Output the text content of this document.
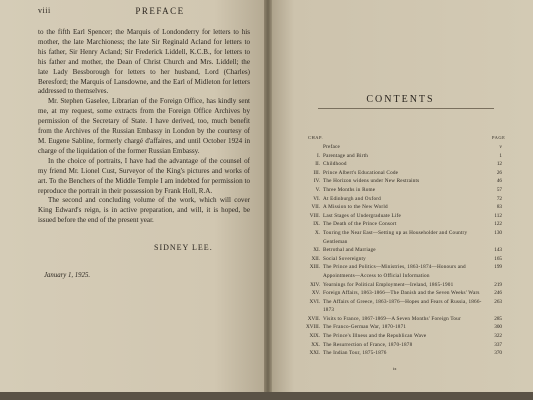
viii	PREFACE

to the fifth Earl Spencer; the Marquis of Londonderry for letters to his mother, the late Marchioness; the late Sir Reginald Acland for letters to his father, Sir Henry Acland; Sir Frederick Liddell, K.C.B., for letters to his father and mother, the Dean of Christ Church and Mrs. Liddell; the late Lady Bessborough for letters to her husband, Lord (Charles) Beresford; the Marquis of Lansdowne, and the Earl of Midleton for letters addressed to themselves.

Mr. Stephen Gaselee, Librarian of the Foreign Office, has kindly sent me, at my request, some extracts from the Foreign Office Archives by permission of the Secretary of State. I have derived, too, much benefit from the Archives of the Russian Embassy in London by the courtesy of M. Eugene Sabline, formerly chargé d'affaires, and until October 1924 in charge of the liquidation of the former Russian Embassy.

In the choice of portraits, I have had the advantage of the counsel of my friend Mr. Lionel Cust, Surveyor of the King's pictures and works of art. To the Benchers of the Middle Temple I am indebted for permission to reproduce the portrait in their possession by Frank Holl, R.A.

The second and concluding volume of the work, which will cover King Edward's reign, is in active preparation, and will, it is hoped, be issued before the end of the present year.

SIDNEY LEE.
January 1, 1925.
CONTENTS
CHAP.	PAGE
Preface	v
I. Parentage and Birth	1
II. Childhood	12
III. Prince Albert's Educational Code	26
IV. The Horizon widens under New Restraints	46
V. Three Months in Rome	57
VI. At Edinburgh and Oxford	72
VII. A Mission to the New World	83
VIII. Last Stages of Undergraduate Life	112
IX. The Death of the Prince Consort	122
X. Touring the Near East—Setting up as Householder and Country Gentleman
130
XI. Betrothal and Marriage	143
XII. Social Sovereignty	165
XIII. The Prince and Politics—Ministries, 1863-1874—Honours and Appointments—Access to Official Information
199
XIV. Yearnings for Political Employment—Ireland, 1865-1901	219
XV. Foreign Affairs, 1863-1866—The Danish and the Seven Weeks' Wars	246
XVI. The Affairs of Greece, 1863-1876—Hopes and Fears of Russia, 1866-1873
263
XVII. Visits to France, 1867-1869—A Seven Months' Foreign Tour	285
XVIII. The Franco-German War, 1870-1871	300
XIX. The Prince's Illness and the Republican Wave	322
XX. The Resurrection of France, 1870-1878	337
XXI. The Indian Tour, 1875-1876	370
ix
